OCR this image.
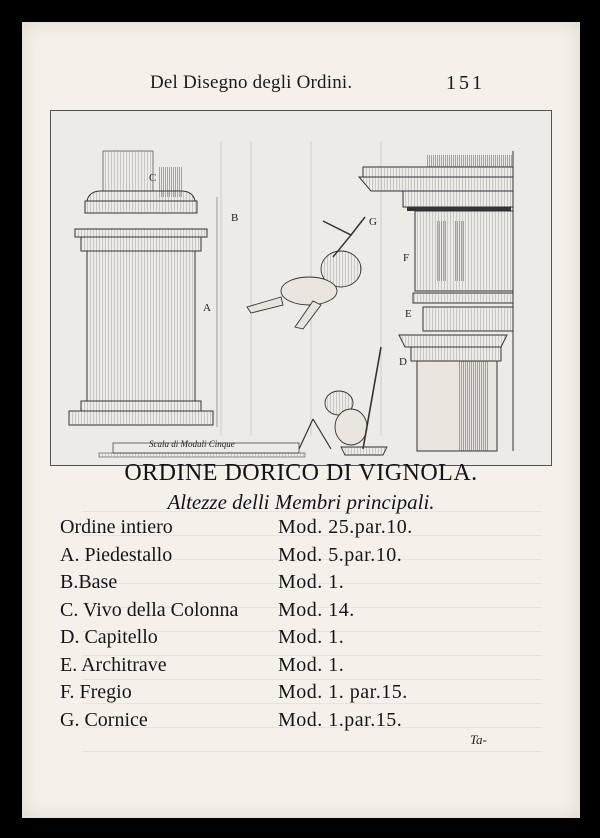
Del Disegno degli Ordini.	151
C
B
A
G
F
E
D
Scala di Moduli Cinque
ORDINE DORICO DI VIGNOLA.
Altezze delli Membri principali.
Ordine intiero	Mod. 25.par.10.
A. Piedestallo	Mod. 5.par.10.
B.Base	Mod. 1.
C. Vivo della Colonna Mod. 14.
D. Capitello	Mod. 1.
E. Architrave	Mod. 1.
F. Fregio	Mod. 1. par.15.
G. Cornice	Mod. 1.par.15.
Ta-
